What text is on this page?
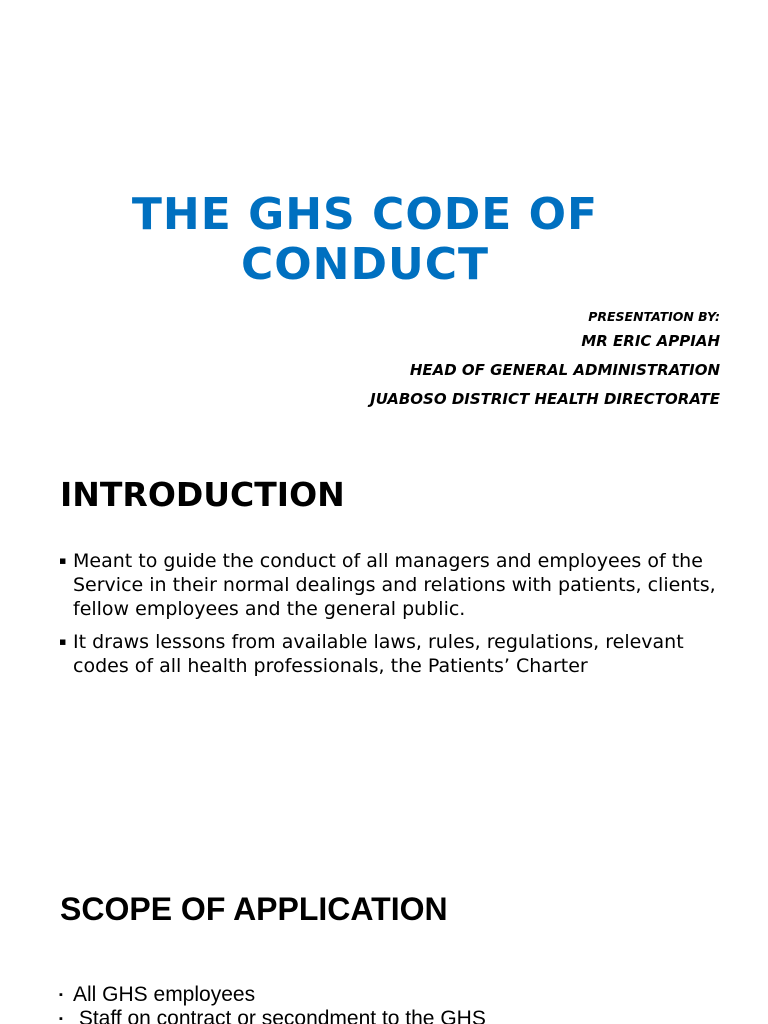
THE GHS CODE OF CONDUCT
PRESENTATION BY:
MR ERIC APPIAH
HEAD OF GENERAL ADMINISTRATION
JUABOSO DISTRICT HEALTH DIRECTORATE
INTRODUCTION
▪ Meant to guide the conduct of all managers and employees of the Service in their normal dealings and relations with patients, clients, fellow employees and the general public.
▪ It draws lessons from available laws, rules, regulations, relevant codes of all health professionals, the Patients’ Charter
SCOPE OF APPLICATION
▪ All GHS employees
▪ Staff on contract or secondment to the GHS
